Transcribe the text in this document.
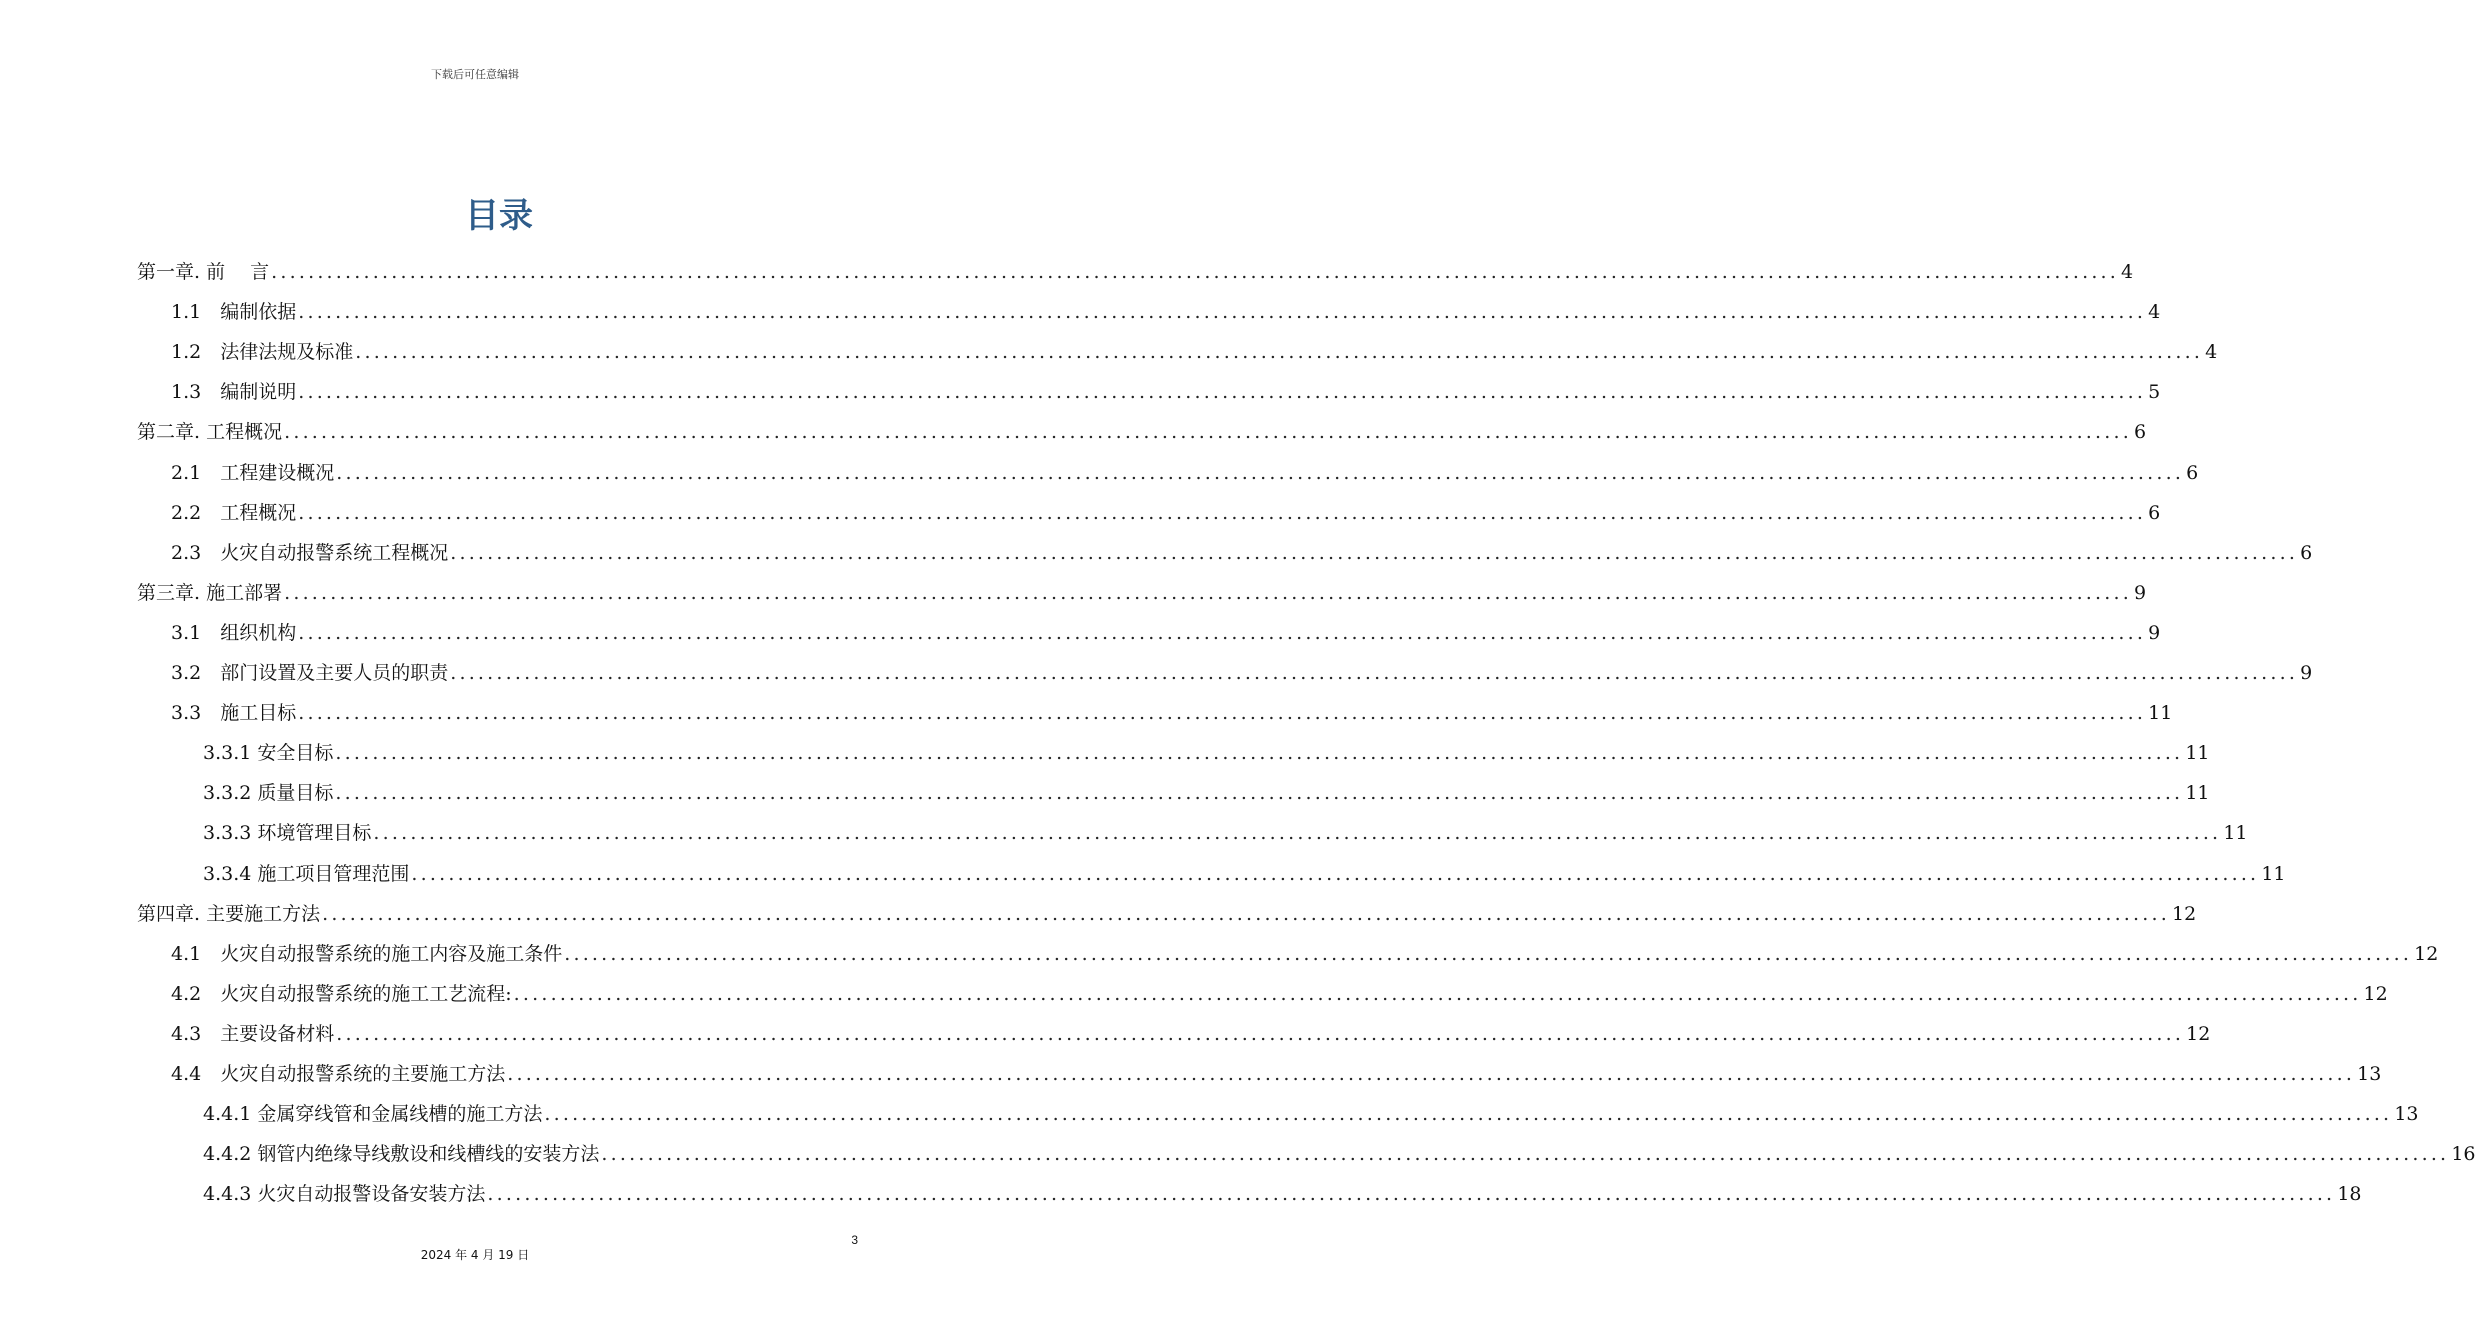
下载后可任意编辑
目录
第一章. 前　 言 ........................................................................................................................................................................................................ 4
1.1　编制依据 ........................................................................................................................................................................................................ 4
1.2　法律法规及标准 ........................................................................................................................................................................................................ 4
1.3　编制说明 ........................................................................................................................................................................................................ 5
第二章. 工程概况 ........................................................................................................................................................................................................ 6
2.1　工程建设概况 ........................................................................................................................................................................................................ 6
2.2　工程概况 ........................................................................................................................................................................................................ 6
2.3　火灾自动报警系统工程概况 ........................................................................................................................................................................................................ 6
第三章. 施工部署 ........................................................................................................................................................................................................ 9
3.1　组织机构 ........................................................................................................................................................................................................ 9
3.2　部门设置及主要人员的职责 ........................................................................................................................................................................................................ 9
3.3　施工目标 ........................................................................................................................................................................................................ 11
3.3.1 安全目标 ........................................................................................................................................................................................................ 11
3.3.2 质量目标 ........................................................................................................................................................................................................ 11
3.3.3 环境管理目标 ........................................................................................................................................................................................................ 11
3.3.4 施工项目管理范围 ........................................................................................................................................................................................................ 11
第四章. 主要施工方法 ........................................................................................................................................................................................................ 12
4.1　火灾自动报警系统的施工内容及施工条件 ........................................................................................................................................................................................................ 12
4.2　火灾自动报警系统的施工工艺流程: ........................................................................................................................................................................................................ 12
4.3　主要设备材料 ........................................................................................................................................................................................................ 12
4.4　火灾自动报警系统的主要施工方法 ........................................................................................................................................................................................................ 13
4.4.1 金属穿线管和金属线槽的施工方法 ........................................................................................................................................................................................................ 13
4.4.2 钢管内绝缘导线敷设和线槽线的安装方法 ........................................................................................................................................................................................................ 16
4.4.3 火灾自动报警设备安装方法 ........................................................................................................................................................................................................ 18
3
2024 年 4 月 19 日
